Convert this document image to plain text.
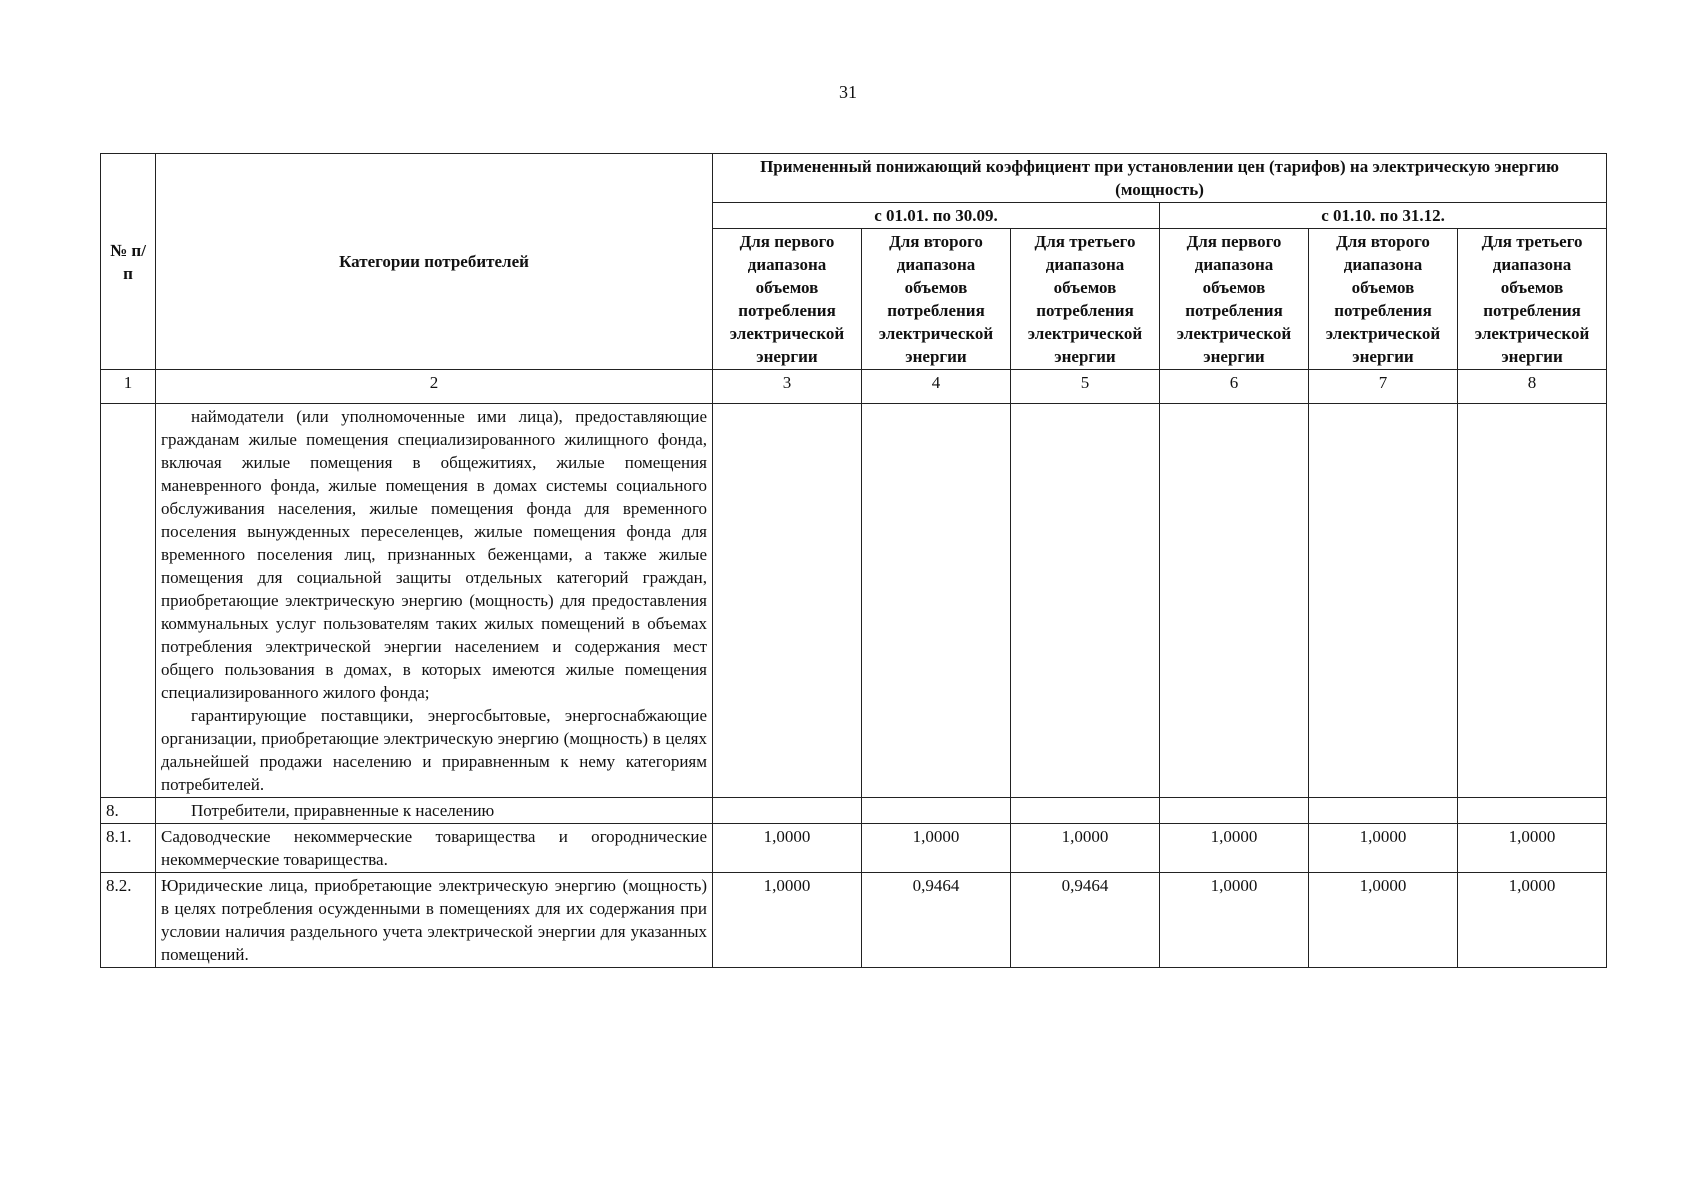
31
№ п/п	Категории потребителей	Примененный понижающий коэффициент при установлении цен (тарифов) на электрическую энергию (мощность)					
		с 01.01. по 30.09.			с 01.10. по 31.12.		
		Для первого диапазона объемов потребления электрической энергии	Для второго диапазона объемов потребления электрической энергии	Для третьего диапазона объемов потребления электрической энергии	Для первого диапазона объемов потребления электрической энергии	Для второго диапазона объемов потребления электрической энергии	Для третьего диапазона объемов потребления электрической энергии
1	2	3	4	5	6	7	8

	наймодатели (или уполномоченные ими лица), предоставляющие гражданам жилые помещения специализированного жилищного фонда, включая жилые помещения в общежитиях, жилые помещения маневренного фонда, жилые помещения в домах системы социального обслуживания населения, жилые помещения фонда для временного поселения вынужденных переселенцев, жилые помещения фонда для временного поселения лиц, признанных беженцами, а также жилые помещения для социальной защиты отдельных категорий граждан, приобретающие электрическую энергию (мощность) для предоставления коммунальных услуг пользователям таких жилых помещений в объемах потребления электрической энергии населением и содержания мест общего пользования в домах, в которых имеются жилые помещения специализированного жилого фонда;
гарантирующие поставщики, энергосбытовые, энергоснабжающие организации, приобретающие электрическую энергию (мощность) в целях дальнейшей продажи населению и приравненным к нему категориям потребителей.						

8.	Потребители, приравненные к населению						
8.1.	Садоводческие некоммерческие товарищества и огороднические некоммерческие товарищества.	1,0000	1,0000	1,0000	1,0000	1,0000	1,0000
8.2.	Юридические лица, приобретающие электрическую энергию (мощность) в целях потребления осужденными в помещениях для их содержания при условии наличия раздельного учета электрической энергии для указанных помещений.	1,0000	0,9464	0,9464	1,0000	1,0000	1,0000
